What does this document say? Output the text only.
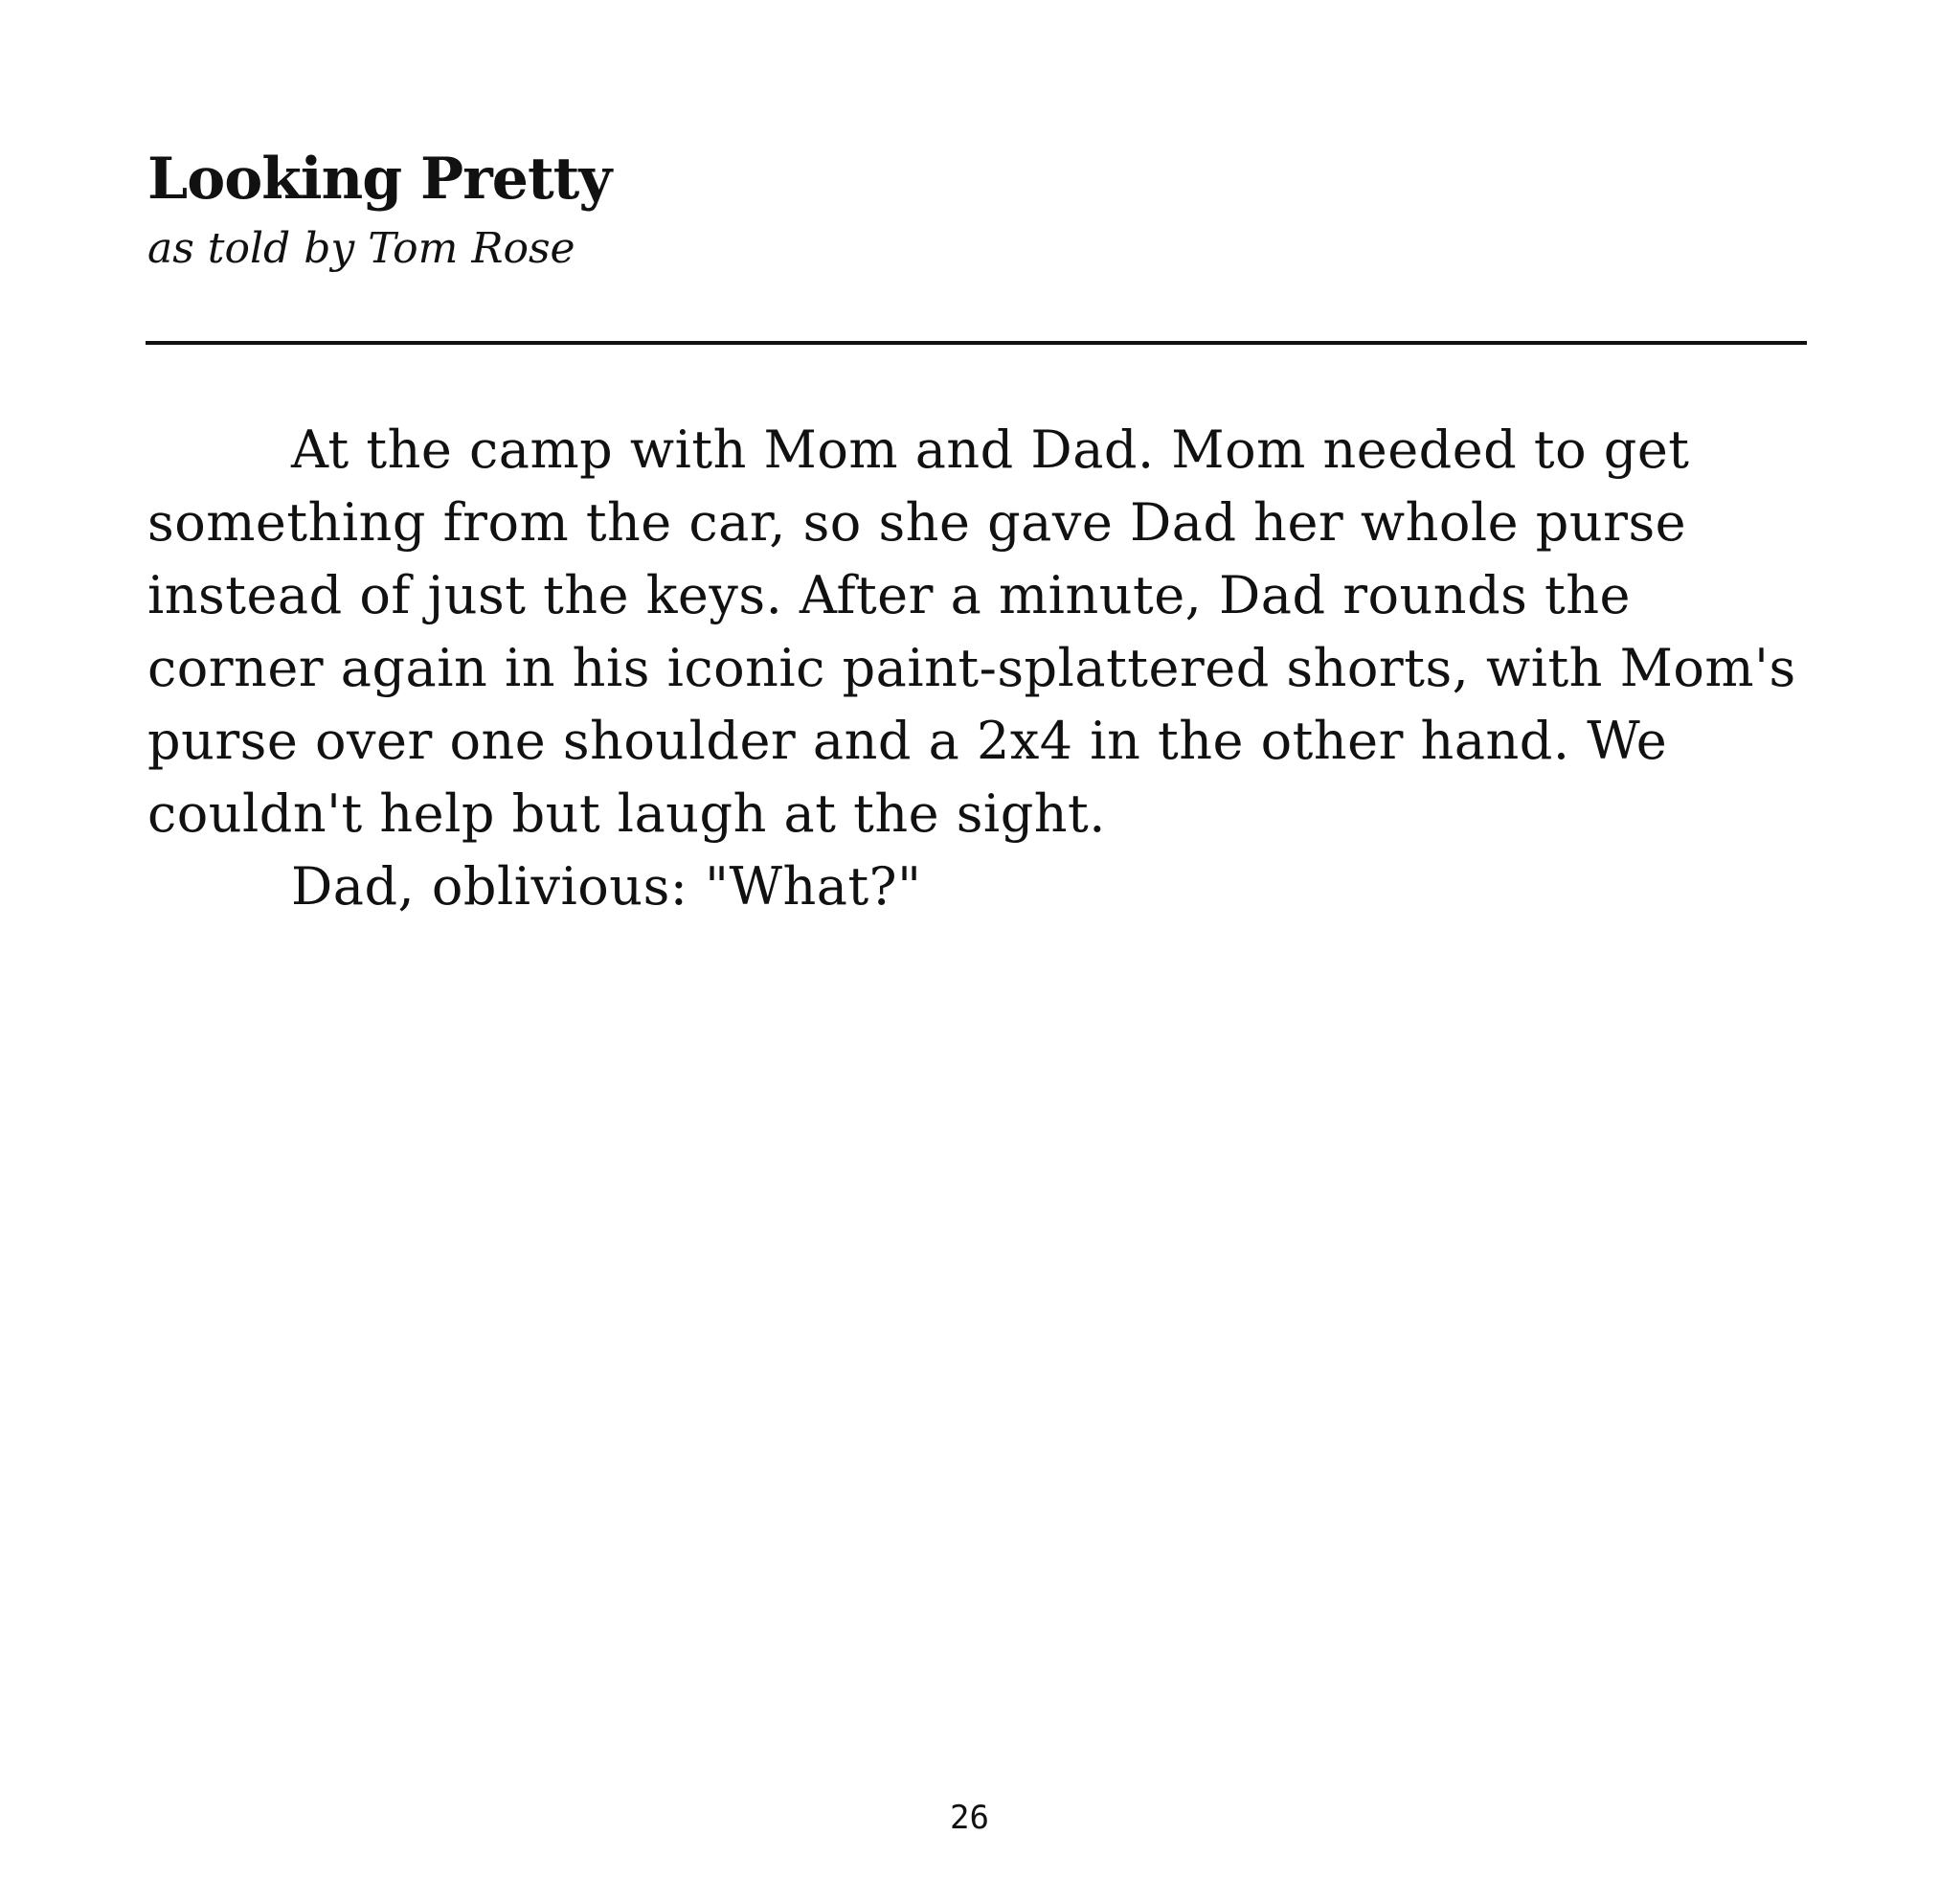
Looking Pretty
as told by Tom Rose

At the camp with Mom and Dad. Mom needed to get something from the car, so she gave Dad her whole purse instead of just the keys. After a minute, Dad rounds the corner again in his iconic paint-splattered shorts, with Mom's purse over one shoulder and a 2x4 in the other hand. We couldn't help but laugh at the sight.

Dad, oblivious: "What?"

26
